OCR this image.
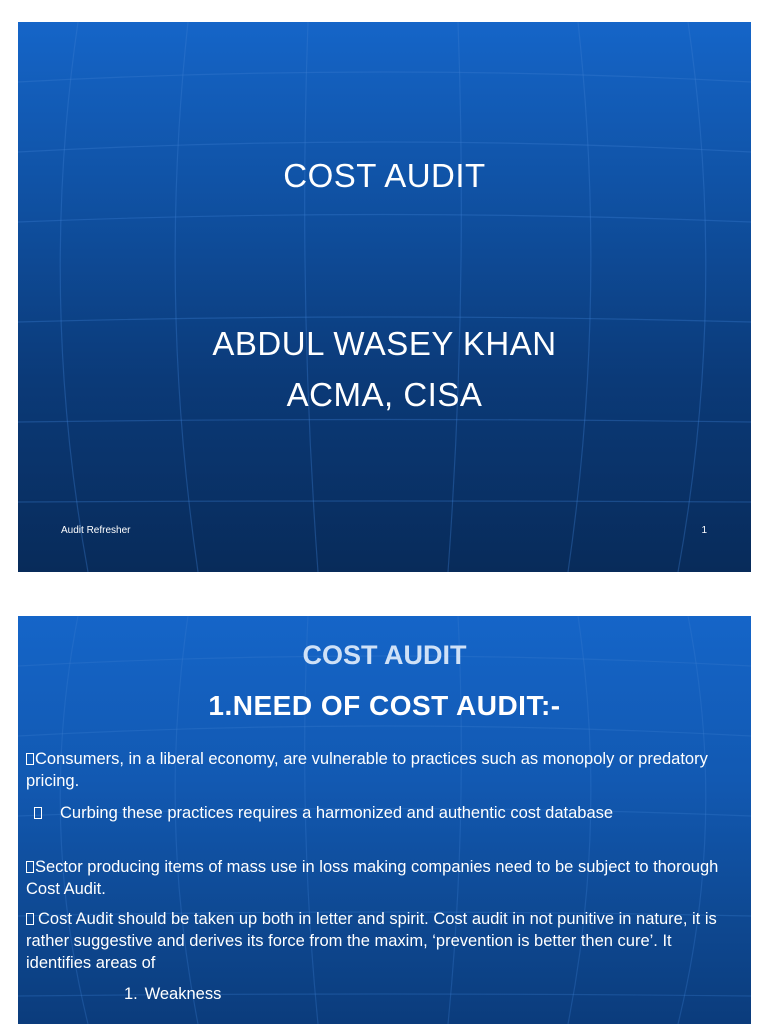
COST AUDIT
ABDUL WASEY KHAN
ACMA, CISA
Audit Refresher	1
COST AUDIT
1.NEED OF COST AUDIT:-

Consumers, in a liberal economy, are vulnerable to practices such as monopoly or predatory pricing.

Curbing these practices requires a harmonized and authentic cost database

Sector producing items of mass use in loss making companies need to be subject to thorough Cost Audit.

Cost Audit should be taken up both in letter and spirit. Cost audit in not punitive in nature, it is rather suggestive and derives its force from the maxim, ‘prevention is better then cure’. It identifies areas of

1. Weakness
